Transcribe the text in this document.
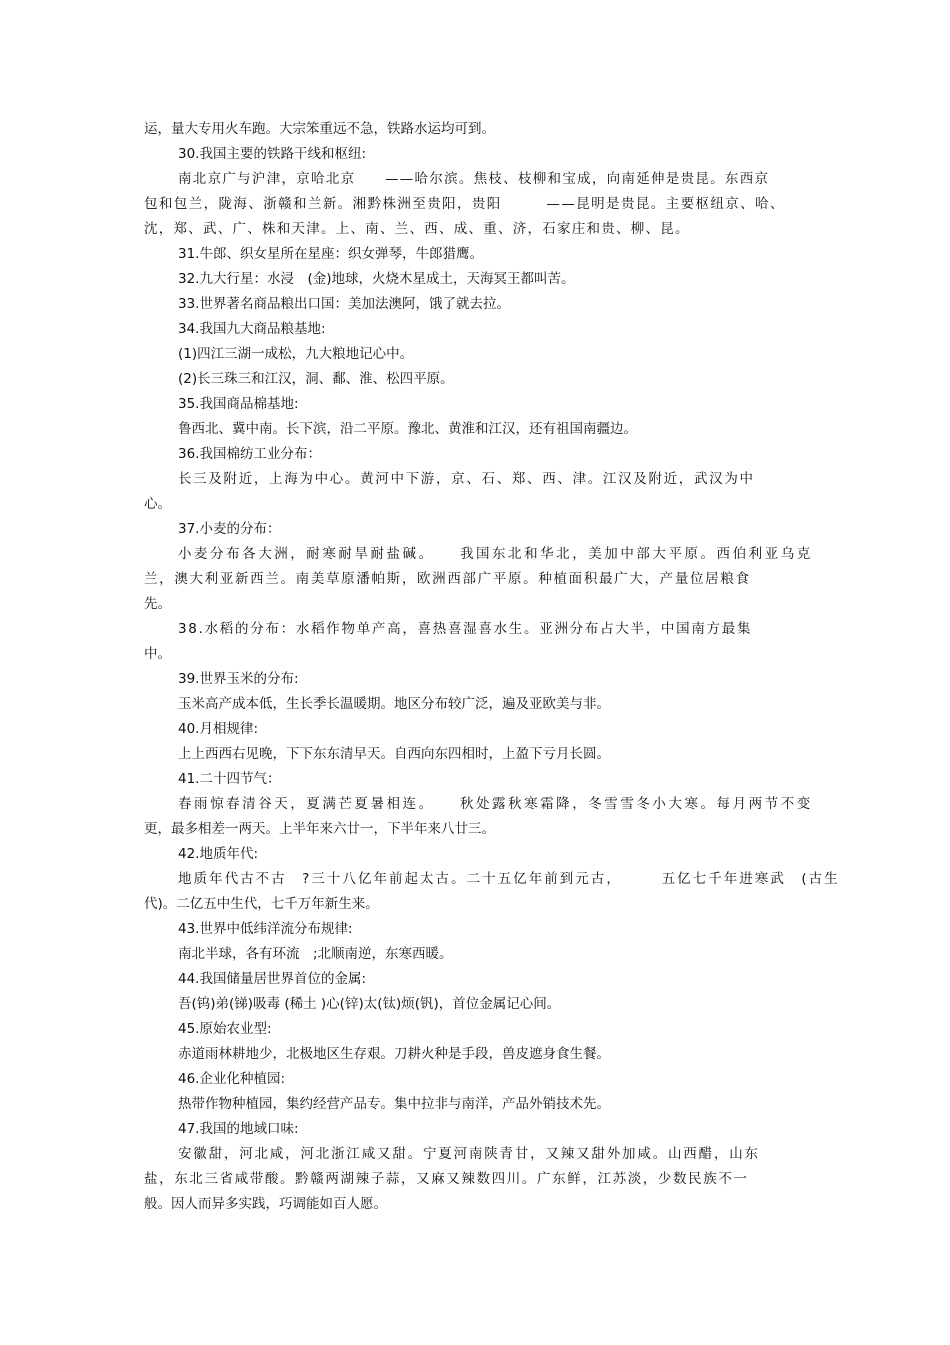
运，量大专用火车跑。大宗笨重远不急，铁路水运均可到。
30.我国主要的铁路干线和枢纽:
南北京广与沪津，京哈北京　　——哈尔滨。焦枝、枝柳和宝成，向南延伸是贵昆。东西京
包和包兰，陇海、浙赣和兰新。湘黔株洲至贵阳，贵阳　　　——昆明是贵昆。主要枢纽京、哈、
沈，郑、武、广、株和天津。上、南、兰、西、成、重、济，石家庄和贵、柳、昆。
31.牛郎、织女星所在星座：织女弹琴，牛郎猎鹰。
32.九大行星：水浸　(金)地球，火烧木星成土，天海冥王都叫苦。
33.世界著名商品粮出口国：美加法澳阿，饿了就去拉。
34.我国九大商品粮基地:
(1)四江三湖一成松，九大粮地记心中。
(2)长三珠三和江汉，洞、鄱、淮、松四平原。
35.我国商品棉基地:
鲁西北、冀中南。长下滨，沿二平原。豫北、黄淮和江汉，还有祖国南疆边。
36.我国棉纺工业分布：
长三及附近，上海为中心。黄河中下游，京、石、郑、西、津。江汉及附近，武汉为中
心。
37.小麦的分布：
小麦分布各大洲，耐寒耐旱耐盐碱。　　我国东北和华北，美加中部大平原。西伯利亚乌克
兰，澳大利亚新西兰。南美草原潘帕斯，欧洲西部广平原。种植面积最广大，产量位居粮食
先。
38.水稻的分布：水稻作物单产高，喜热喜湿喜水生。亚洲分布占大半，中国南方最集
中。
39.世界玉米的分布:
玉米高产成本低，生长季长温暖期。地区分布较广泛，遍及亚欧美与非。
40.月相规律:
上上西西右见晚，下下东东清早天。自西向东四相时，上盈下亏月长圆。
41.二十四节气：
春雨惊春清谷天，夏满芒夏暑相连。　　秋处露秋寒霜降，冬雪雪冬小大寒。每月两节不变
更，最多相差一两天。上半年来六廿一，下半年来八廿三。
42.地质年代:
地质年代古不古　?三十八亿年前起太古。二十五亿年前到元古，　　　五亿七千年进寒武　(古生
代)。二亿五中生代，七千万年新生来。
43.世界中低纬洋流分布规律:
南北半球，各有环流　;北顺南逆，东寒西暖。
44.我国储量居世界首位的金属:
吾(钨)弟(锑)吸毒 (稀土 )心(锌)太(钛)烦(钒)，首位金属记心间。
45.原始农业型:
赤道雨林耕地少，北极地区生存艰。刀耕火种是手段，兽皮遮身食生餐。
46.企业化种植园:
热带作物种植园，集约经营产品专。集中拉非与南洋，产品外销技术先。
47.我国的地域口味:
安徽甜，河北咸，河北浙江咸又甜。宁夏河南陕青甘，又辣又甜外加咸。山西醋，山东
盐，东北三省咸带酸。黔赣两湖辣子蒜，又麻又辣数四川。广东鲜，江苏淡，少数民族不一
般。因人而异多实践，巧调能如百人愿。
